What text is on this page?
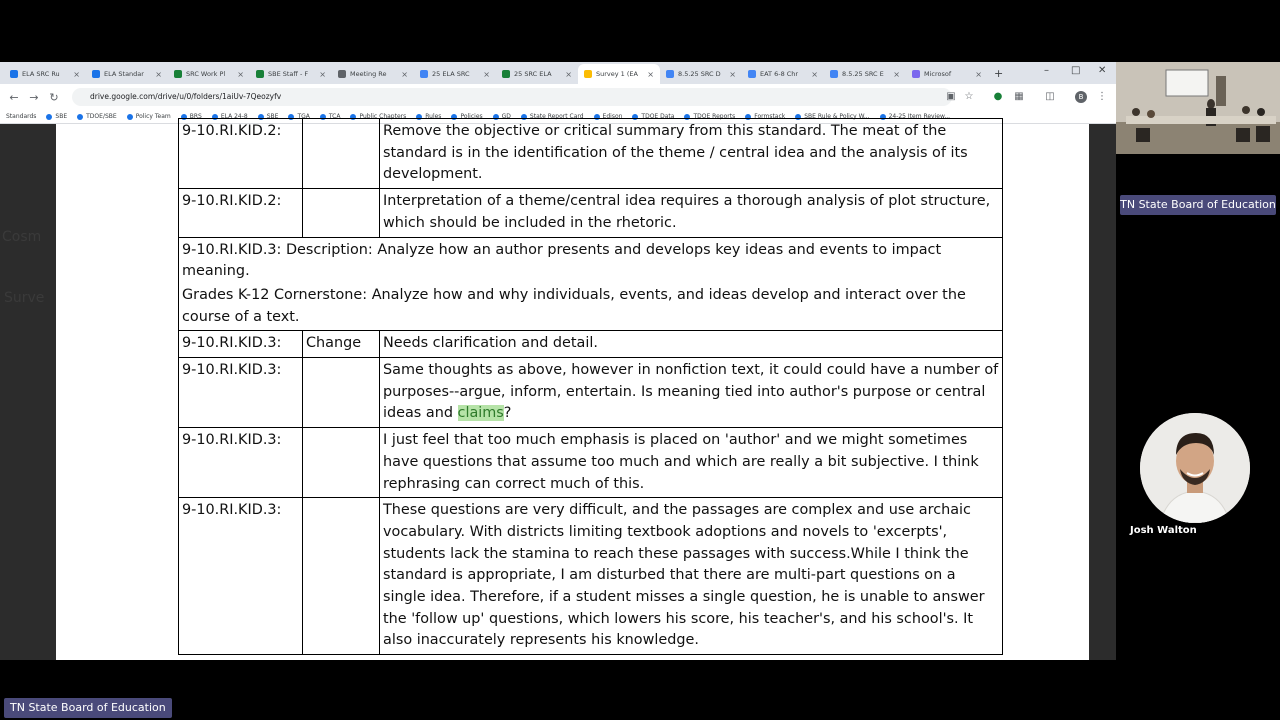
ELA SRC Ru	×	ELA Standar	×	SRC Work Pl	×	SBE Staff - F	×	Meeting Re	×	25 ELA SRC	×	25 SRC ELA	×	Survey 1 (EA	×	8.5.25 SRC D	×	EAT 6-8 Chr	×	8.5.25 SRC E	×	Microsof	× +	– □ ✕
← → ↻	drive.google.com/drive/u/0/folders/1aiUv-7Qeozyfv	▣ ☆ ● ▦ ◫	B	⋮
Standards	SBE	TDOE/SBE	Policy Team	BRS	ELA 24-8	SBE	TGA	TCA	Public Chapters	Rules	Policies	GD	State Report Card	Edison	TDOE Data	TDOE Reports	Formstack	SBE Rule & Policy W...	24-25 Item Review...
Cosm
Surve
9-10.RI.KID.2:		Remove the objective or critical summary from this standard. The meat of the standard is in the identification of the theme / central idea and the analysis of its development.
9-10.RI.KID.2:		Interpretation of a theme/central idea requires a thorough analysis of plot structure, which should be included in the rhetoric.

9-10.RI.KID.3: Description: Analyze how an author presents and develops key ideas and events to impact meaning.
Grades K-12 Cornerstone: Analyze how and why individuals, events, and ideas develop and interact over the course of a text.		

9-10.RI.KID.3:	Change	Needs clarification and detail.
9-10.RI.KID.3:		Same thoughts as above, however in nonfiction text, it could could have a number of purposes--argue, inform, entertain. Is meaning tied into author's purpose or central ideas and claims?
9-10.RI.KID.3:		I just feel that too much emphasis is placed on 'author' and we might sometimes have questions that assume too much and which are really a bit subjective. I think rephrasing can correct much of this.
9-10.RI.KID.3:		These questions are very difficult, and the passages are complex and use archaic vocabulary. With districts limiting textbook adoptions and novels to 'excerpts', students lack the stamina to reach these passages with success.While I think the standard is appropriate, I am disturbed that there are multi-part questions on a single idea. Therefore, if a student misses a single question, he is unable to answer the 'follow up' questions, which lowers his score, his teacher's, and his school's. It also inaccurately represents his knowledge.
TN State Board of Education
Josh Walton
TN State Board of Education
